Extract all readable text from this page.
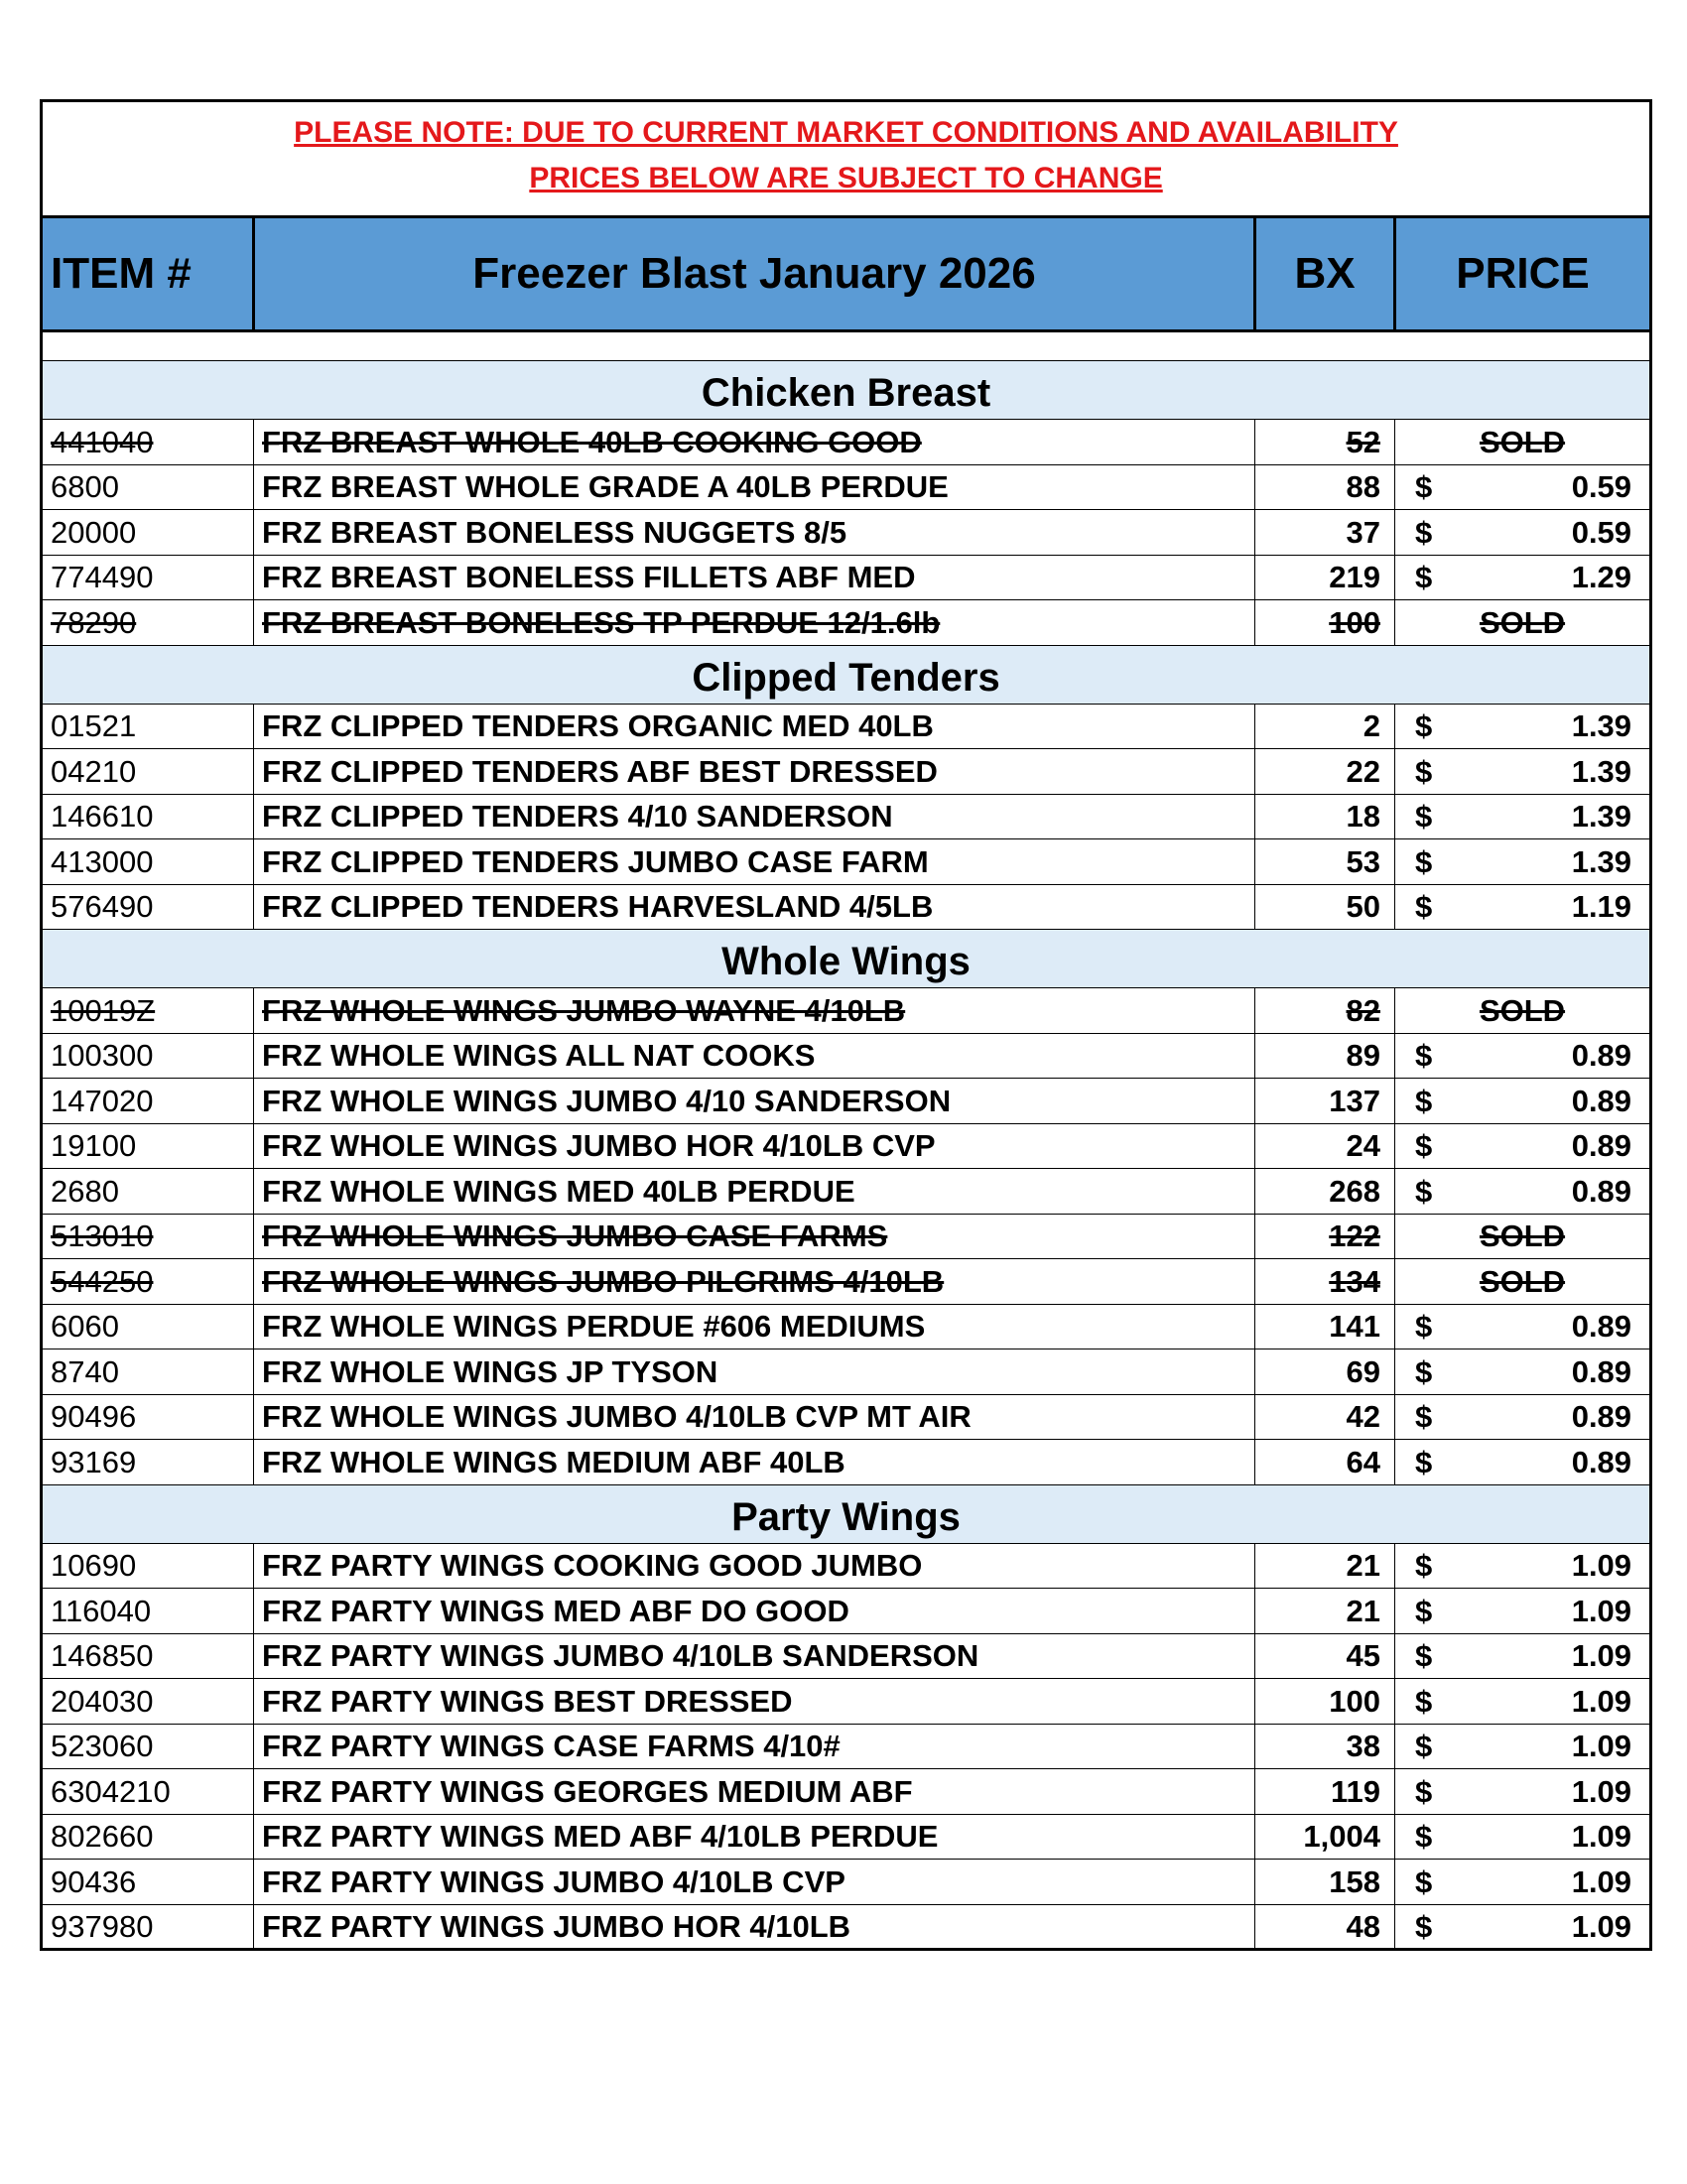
PLEASE NOTE: DUE TO CURRENT MARKET CONDITIONS AND AVAILABILITY
PRICES BELOW ARE SUBJECT TO CHANGE			

ITEM #	Freezer Blast January 2026	BX	PRICE

Chicken Breast			
441040	FRZ BREAST WHOLE 40LB COOKING GOOD	52	SOLD

6800	FRZ BREAST WHOLE GRADE A 40LB PERDUE	88	$ 0.59

20000	FRZ BREAST BONELESS NUGGETS 8/5	37	$ 0.59

774490	FRZ BREAST BONELESS FILLETS ABF MED	219	$ 1.29

78290	FRZ BREAST BONELESS TP PERDUE 12/1.6lb	100	SOLD

Clipped Tenders			
01521	FRZ CLIPPED TENDERS ORGANIC MED 40LB	2	$ 1.39

04210	FRZ CLIPPED TENDERS ABF BEST DRESSED	22	$ 1.39

146610	FRZ CLIPPED TENDERS 4/10 SANDERSON	18	$ 1.39

413000	FRZ CLIPPED TENDERS JUMBO CASE FARM	53	$ 1.39

576490	FRZ CLIPPED TENDERS HARVESLAND 4/5LB	50	$ 1.19

Whole Wings			
10019Z	FRZ WHOLE WINGS JUMBO WAYNE 4/10LB	82	SOLD

100300	FRZ WHOLE WINGS ALL NAT COOKS	89	$ 0.89

147020	FRZ WHOLE WINGS JUMBO 4/10 SANDERSON	137	$ 0.89

19100	FRZ WHOLE WINGS JUMBO HOR 4/10LB CVP	24	$ 0.89

2680	FRZ WHOLE WINGS MED 40LB PERDUE	268	$ 0.89

513010	FRZ WHOLE WINGS JUMBO CASE FARMS	122	SOLD

544250	FRZ WHOLE WINGS JUMBO PILGRIMS 4/10LB	134	SOLD

6060	FRZ WHOLE WINGS PERDUE #606 MEDIUMS	141	$ 0.89

8740	FRZ WHOLE WINGS JP TYSON	69	$ 0.89

90496	FRZ WHOLE WINGS JUMBO 4/10LB CVP MT AIR	42	$ 0.89

93169	FRZ WHOLE WINGS MEDIUM ABF 40LB	64	$ 0.89

Party Wings			
10690	FRZ PARTY WINGS COOKING GOOD JUMBO	21	$ 1.09

116040	FRZ PARTY WINGS MED ABF DO GOOD	21	$ 1.09

146850	FRZ PARTY WINGS JUMBO 4/10LB SANDERSON	45	$ 1.09

204030	FRZ PARTY WINGS BEST DRESSED	100	$ 1.09

523060	FRZ PARTY WINGS CASE FARMS 4/10#	38	$ 1.09

6304210	FRZ PARTY WINGS GEORGES MEDIUM ABF	119	$ 1.09

802660	FRZ PARTY WINGS MED ABF 4/10LB PERDUE	1,004	$ 1.09

90436	FRZ PARTY WINGS JUMBO 4/10LB CVP	158	$ 1.09

937980	FRZ PARTY WINGS JUMBO HOR 4/10LB	48	$ 1.09
